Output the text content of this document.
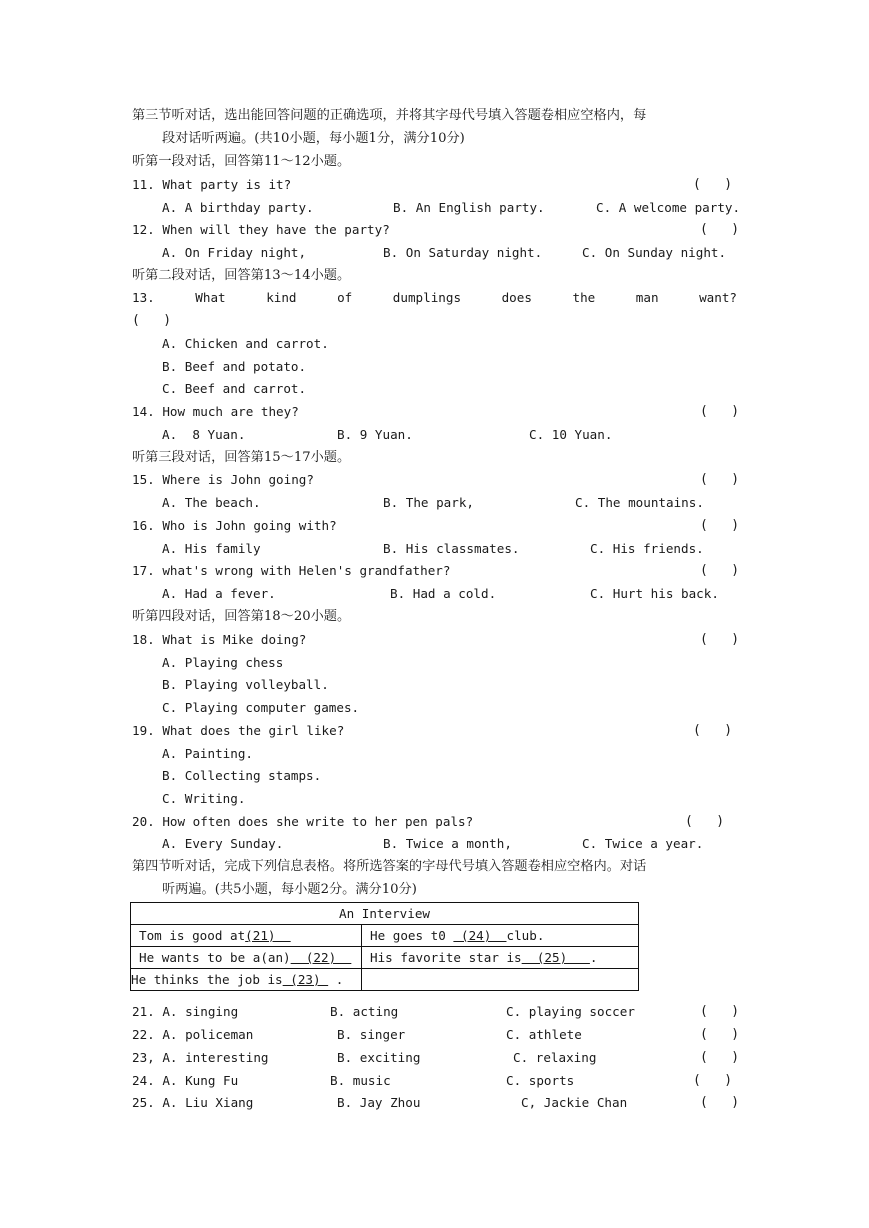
第三节听对话，选出能回答问题的正确选项，并将其字母代号填入答题卷相应空格内，每
段对话听两遍。(共10小题，每小题1分，满分10分)
听第一段对话，回答第11～12小题。
11. What party is it?	(   )
A. A birthday party.	B. An English party.	C. A welcome party.
12. When will they have the party?	(   )
A. On Friday night,	B. On Saturday night.	C. On Sunday night.
听第二段对话，回答第13～14小题。
13.	What	kind	of	dumplings	does	the	man	want?
(   )
A. Chicken and carrot.
B. Beef and potato.
C. Beef and carrot.
14. How much are they?	(   )
A.  8 Yuan.	B. 9 Yuan.	C. 10 Yuan.
听第三段对话，回答第15～17小题。
15. Where is John going?	(   )
A. The beach.	B. The park,	C. The mountains.
16. Who is John going with?	(   )
A. His family	B. His classmates.	C. His friends.
17. what's wrong with Helen's grandfather?	(   )
A. Had a fever.	B. Had a cold.	C. Hurt his back.
听第四段对话，回答第18～20小题。
18. What is Mike doing?	(   )
A. Playing chess
B. Playing volleyball.
C. Playing computer games.
19. What does the girl like?	(   )
A. Painting.
B. Collecting stamps.
C. Writing.
20. How often does she write to her pen pals?	(   )
A. Every Sunday.	B. Twice a month,	C. Twice a year.
第四节听对话，完成下列信息表格。将所选答案的字母代号填入答题卷相应空格内。对话
听两遍。(共5小题，每小题2分。满分10分)
An Interview	
Tom is good at(21)	He goes t0  (24)  club.
He wants to be a(an)  (22)	His favorite star is  (25)   .
He thinks the job is (23)  .	
21. A. singing	B. acting	C. playing soccer	(   )
22. A. policeman	B. singer	C. athlete	(   )
23, A. interesting	B. exciting	C. relaxing	(   )
24. A. Kung Fu	B. music	C. sports	(   )
25. A. Liu Xiang	B. Jay Zhou	C, Jackie Chan	(   )
